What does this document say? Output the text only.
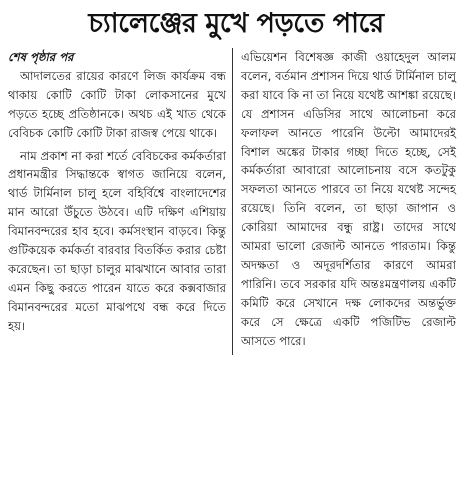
চ্যালেঞ্জের মুখে পড়তে পারে
শেষ পৃষ্ঠার পর

আদালতের রায়ের কারণে লিজ কার্যক্রম বন্ধ থাকায় কোটি কোটি টাকা লোকসানের মুখে পড়তে হচ্ছে প্রতিষ্ঠানকে। অথচ এই খাত থেকে বেবিচক কোটি কোটি টাকা রাজস্ব পেয়ে থাকে।

নাম প্রকাশ না করা শর্তে বেবিচকের কর্মকর্তারা প্রধানমন্ত্রীর সিদ্ধান্তকে স্বাগত জানিয়ে বলেন, থার্ড টার্মিনাল চালু হলে বহির্বিশ্বে বাংলাদেশের মান আরো উঁচুতে উঠবে। এটি দক্ষিণ এশিয়ায় বিমানবন্দরের হাব হবে। কর্মসংস্থান বাড়বে। কিন্তু গুটিকয়েক কর্মকর্তা বারবার বিতর্কিত করার চেষ্টা করেছেন। তা ছাড়া চালুর মাঝখানে আবার তারা এমন কিছু করতে পারেন যাতে করে কক্সবাজার বিমানবন্দরের মতো মাঝপথে বন্ধ করে দিতে হয়।

এভিয়েশন বিশেষজ্ঞ কাজী ওয়াহেদুল আলম বলেন, বর্তমান প্রশাসন দিয়ে থার্ড টার্মিনাল চালু করা যাবে কি না তা নিয়ে যথেষ্ট আশঙ্কা রয়েছে। যে প্রশাসন এডিসির সাথে আলোচনা করে ফলাফল আনতে পারেনি উল্টো আমাদেরই বিশাল অঙ্কের টাকার গচ্ছা দিতে হচ্ছে, সেই কর্মকর্তারা আবারো আলোচনায় বসে কতটুকু সফলতা আনতে পারবে তা নিয়ে যথেষ্ট সন্দেহ রয়েছে। তিনি বলেন, তা ছাড়া জাপান ও কোরিয়া আমাদের বন্ধু রাষ্ট্র। তাদের সাথে আমরা ভালো রেজাল্ট আনতে পারতাম। কিন্তু অদক্ষতা ও অদূরদর্শিতার কারণে আমরা পারিনি। তবে সরকার যদি অন্তঃমন্ত্রণালয় একটি কমিটি করে সেখানে দক্ষ লোকদের অন্তর্ভুক্ত করে সে ক্ষেত্রে একটি পজিটিভ রেজাল্ট আসতে পারে।
